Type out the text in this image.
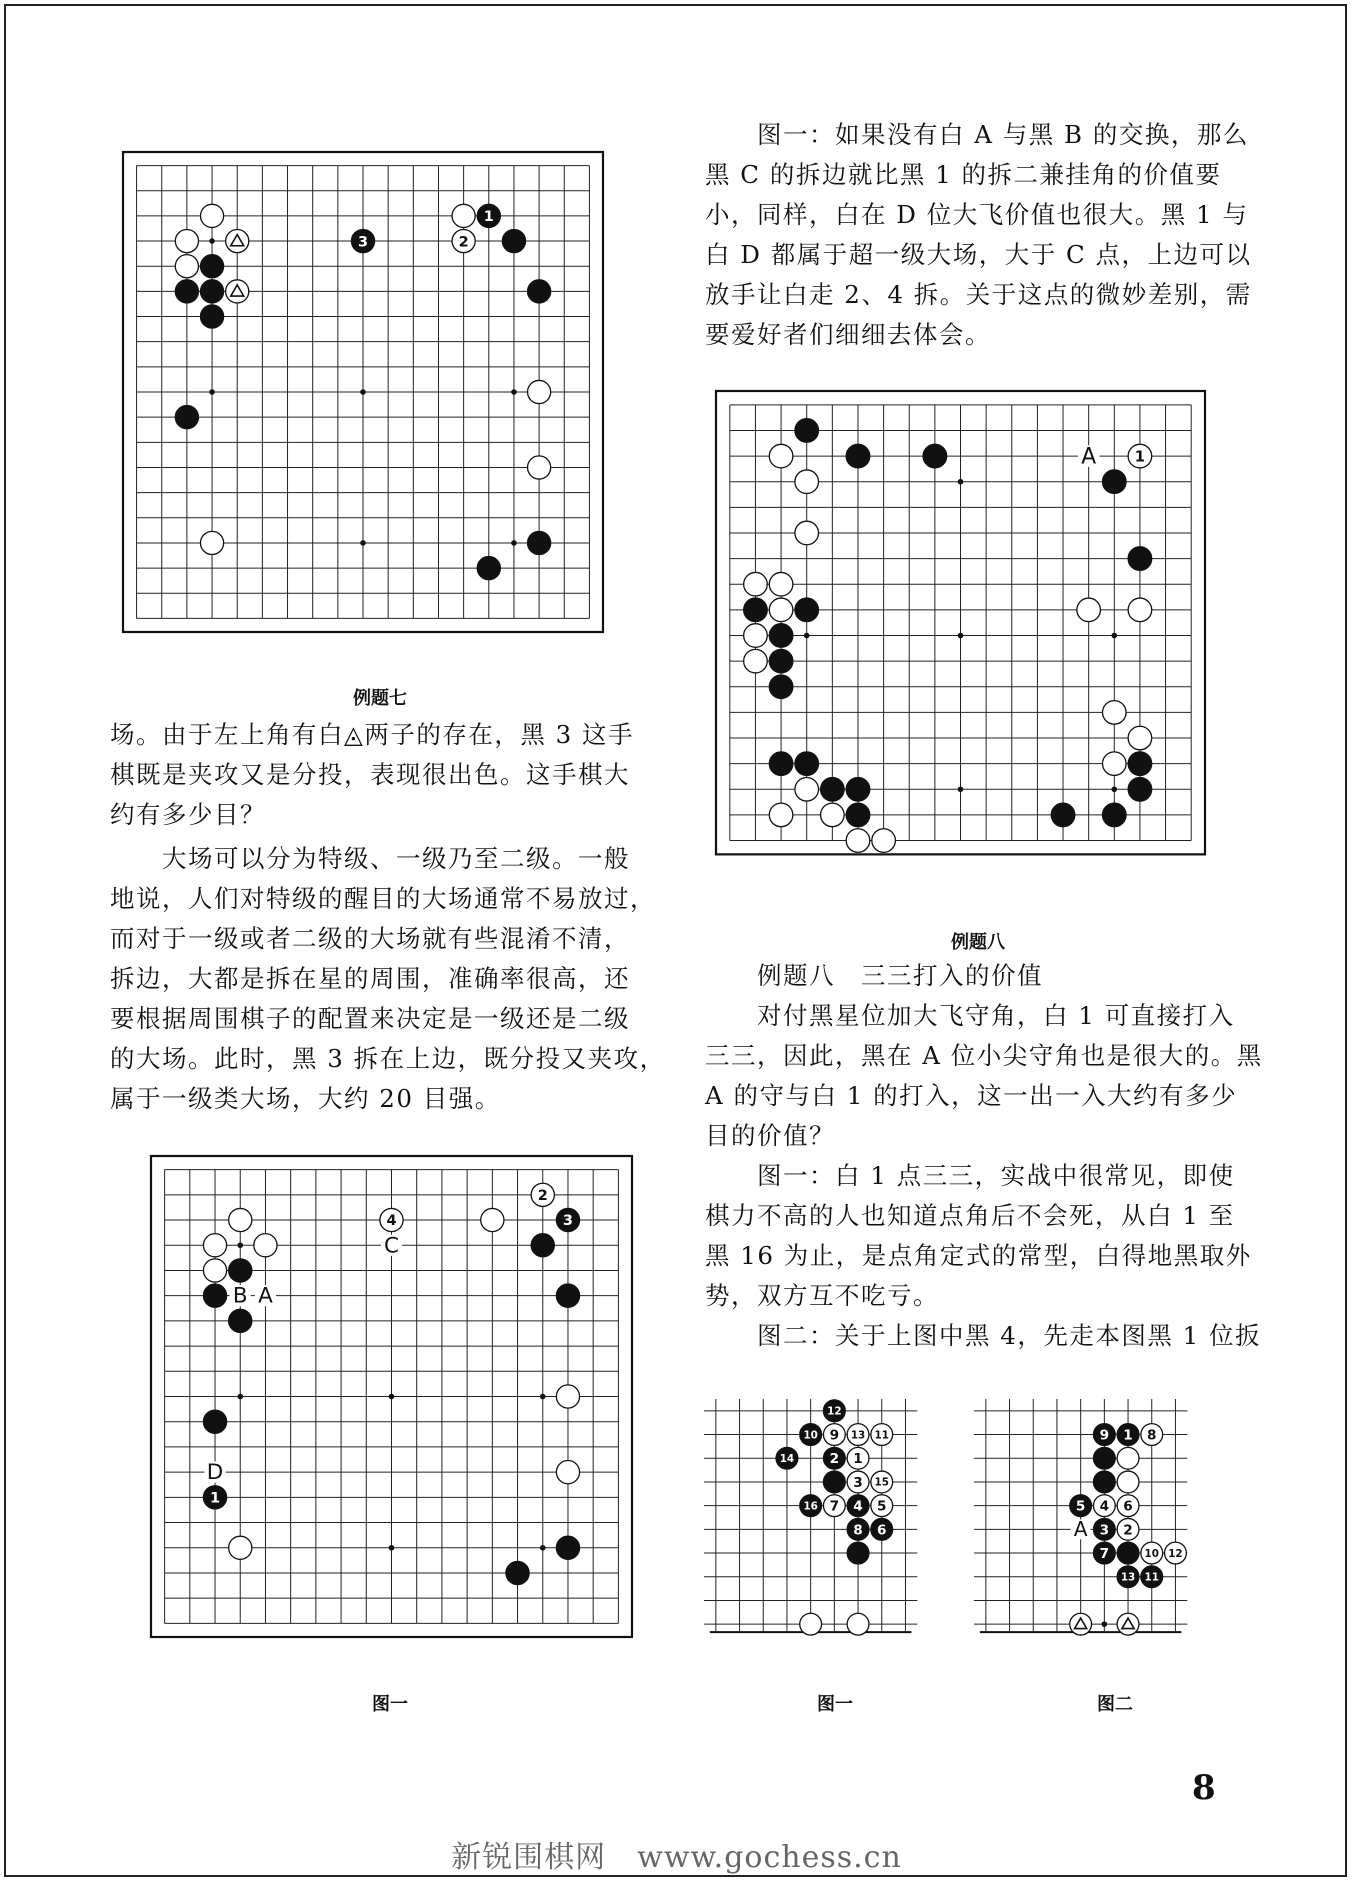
3
1
2
B A
C
D
4
2
3
1
A	1
12
10 9 13 11
14	2 1
3 15
16 7 4 5
8 6	A
9 1 8
5 4 6
3 2
7	10 12
13 11
例题七
例题八
图一	图一	图二
场。由于左上角有白◬两子的存在，黑 3 这手
棋既是夹攻又是分投，表现很出色。这手棋大
约有多少目？
　　大场可以分为特级、一级乃至二级。一般
地说，人们对特级的醒目的大场通常不易放过，
而对于一级或者二级的大场就有些混淆不清，
拆边，大都是拆在星的周围，准确率很高，还
要根据周围棋子的配置来决定是一级还是二级
的大场。此时，黑 3 拆在上边，既分投又夹攻，
属于一级类大场，大约 20 目强。
　　图一：如果没有白 A 与黑 B 的交换，那么
黑 C 的拆边就比黑 1 的拆二兼挂角的价值要
小，同样，白在 D 位大飞价值也很大。黑 1 与
白 D 都属于超一级大场，大于 C 点，上边可以
放手让白走 2、4 拆。关于这点的微妙差别，需
要爱好者们细细去体会。
　　例题八　三三打入的价值
　　对付黑星位加大飞守角，白 1 可直接打入
三三，因此，黑在 A 位小尖守角也是很大的。黑
A 的守与白 1 的打入，这一出一入大约有多少
目的价值？
　　图一：白 1 点三三，实战中很常见，即使
棋力不高的人也知道点角后不会死，从白 1 至
黑 16 为止，是点角定式的常型，白得地黑取外
势，双方互不吃亏。
　　图二：关于上图中黑 4，先走本图黑 1 位扳
8
新锐围棋网　www.gochess.cn
